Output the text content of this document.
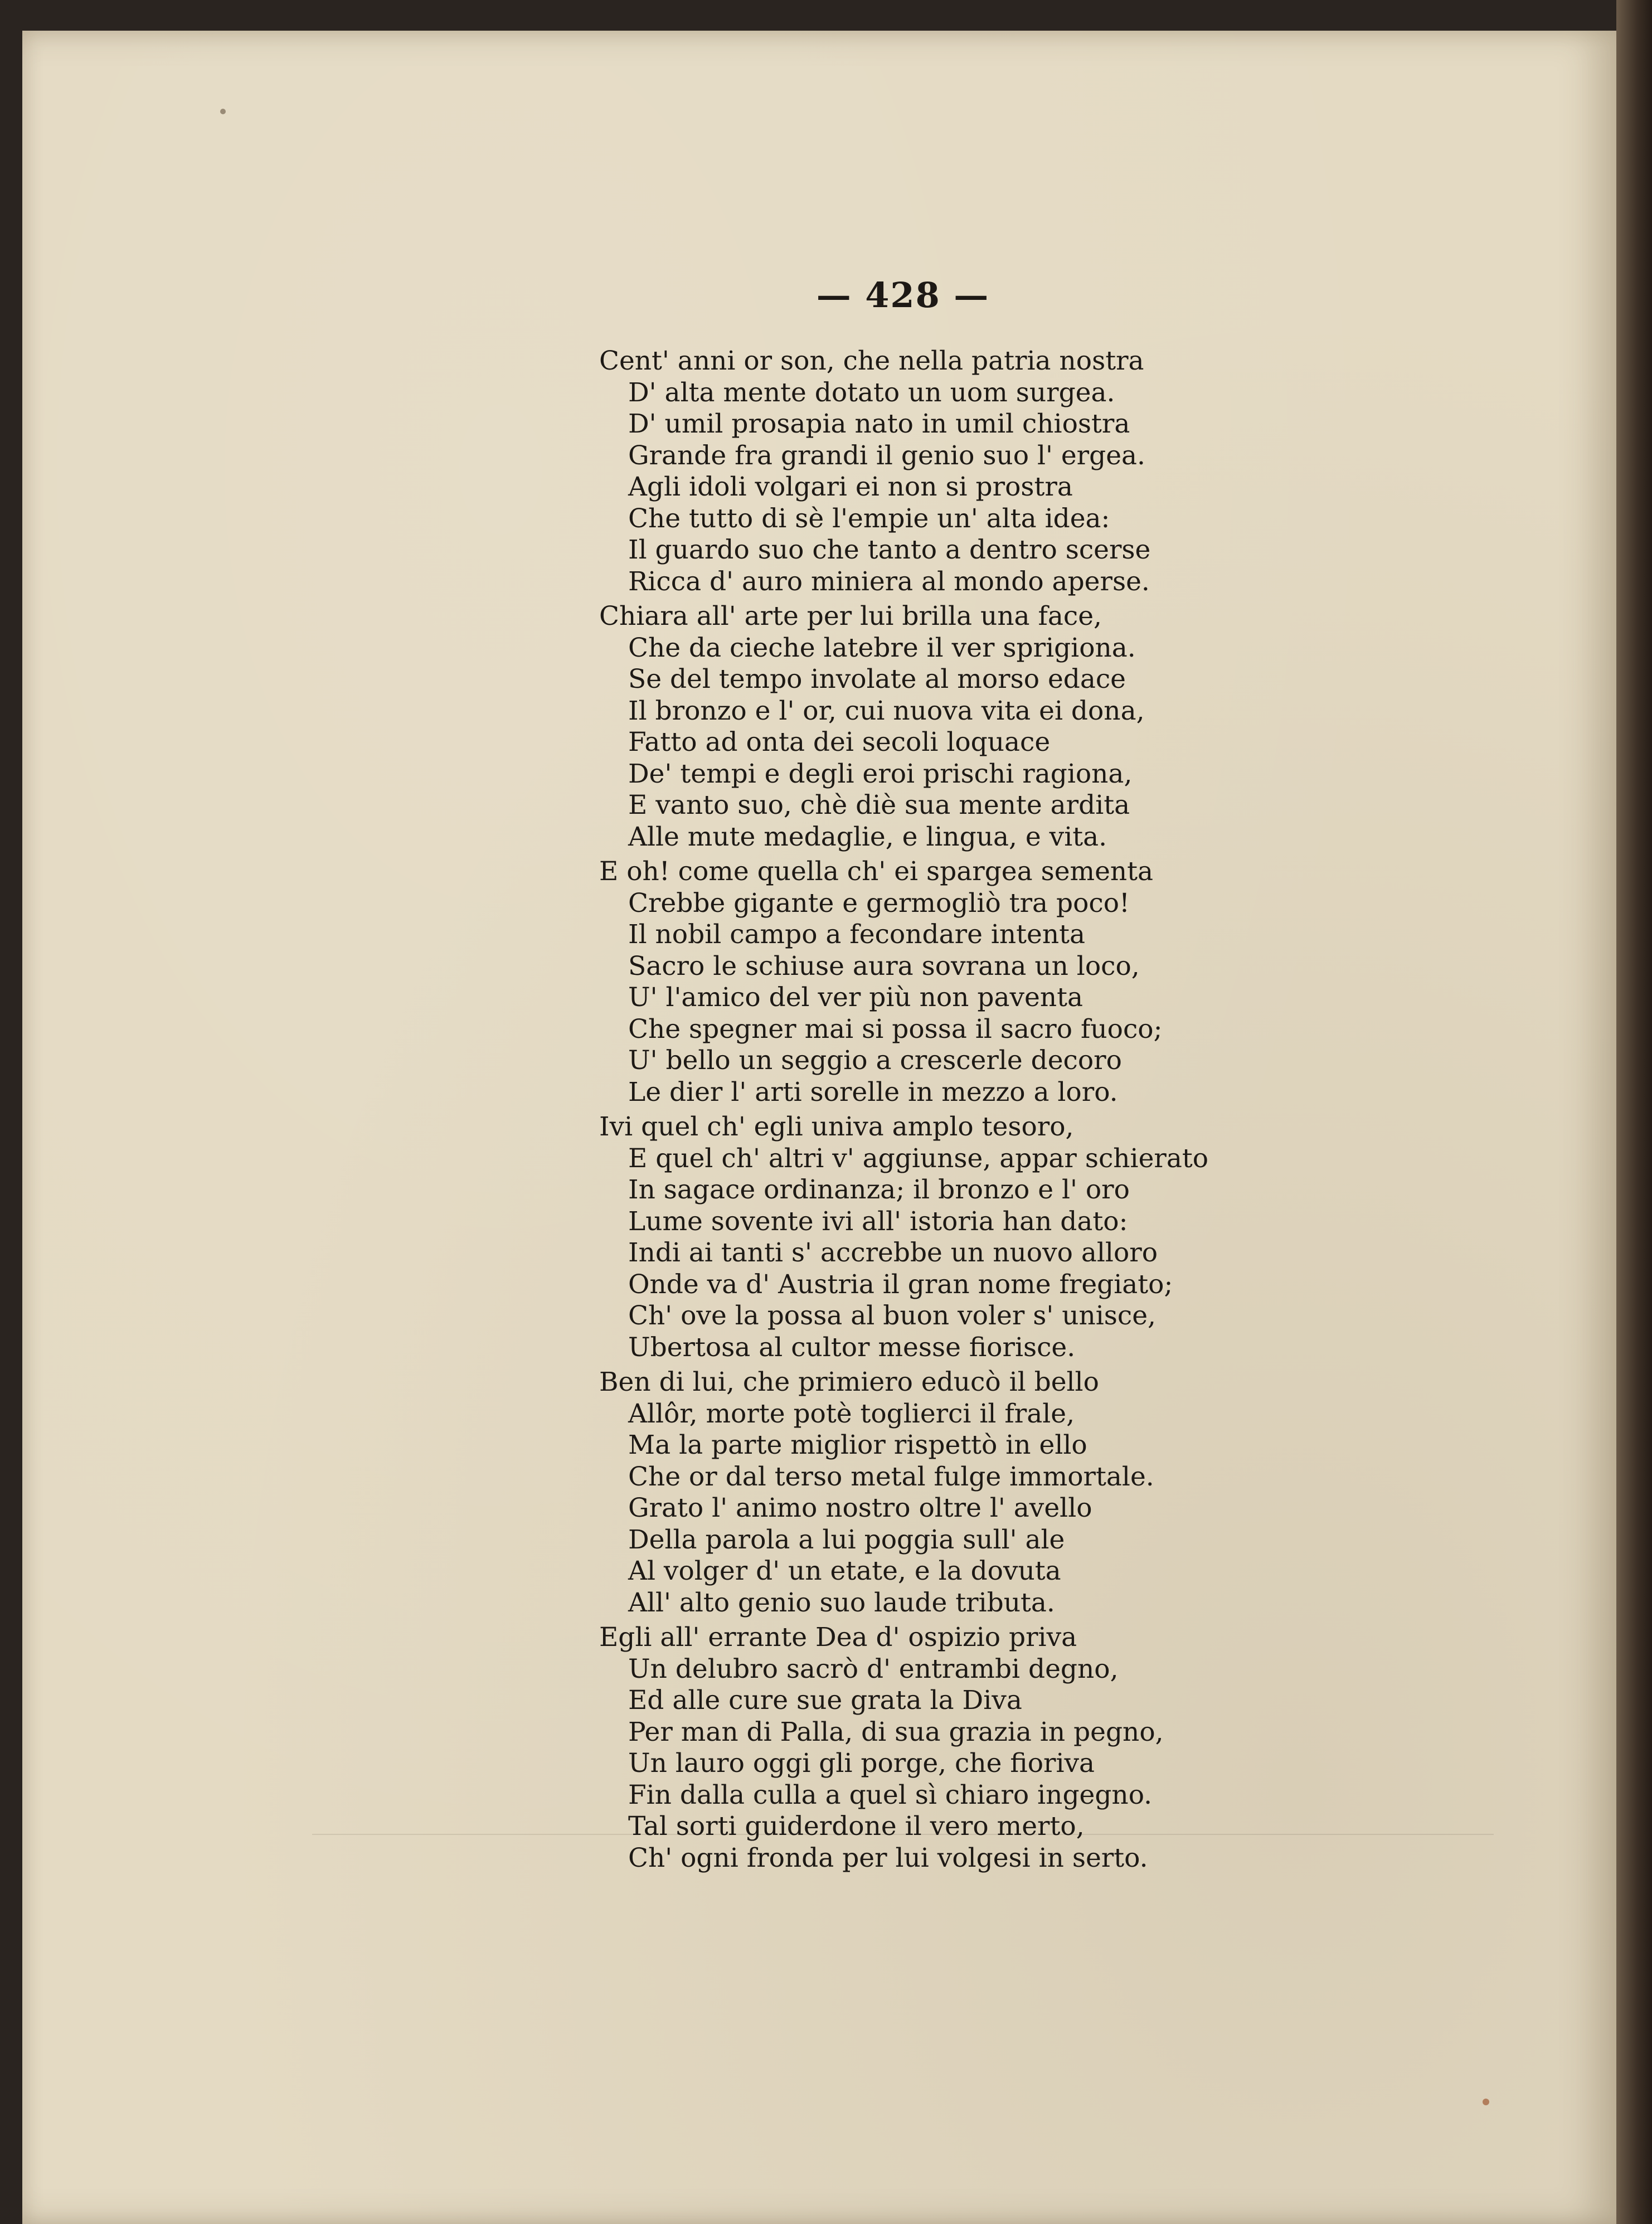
— 428 —
Cent' anni or son, che nella patria nostra
D' alta mente dotato un uom surgea.
D' umil prosapia nato in umil chiostra
Grande fra grandi il genio suo l' ergea.
Agli idoli volgari ei non si prostra
Che tutto di sè l'empie un' alta idea:
Il guardo suo che tanto a dentro scerse
Ricca d' auro miniera al mondo aperse.
Chiara all' arte per lui brilla una face,
Che da cieche latebre il ver sprigiona.
Se del tempo involate al morso edace
Il bronzo e l' or, cui nuova vita ei dona,
Fatto ad onta dei secoli loquace
De' tempi e degli eroi prischi ragiona,
E vanto suo, chè diè sua mente ardita
Alle mute medaglie, e lingua, e vita.
E oh! come quella ch' ei spargea sementa
Crebbe gigante e germogliò tra poco!
Il nobil campo a fecondare intenta
Sacro le schiuse aura sovrana un loco,
U' l'amico del ver più non paventa
Che spegner mai si possa il sacro fuoco;
U' bello un seggio a crescerle decoro
Le dier l' arti sorelle in mezzo a loro.
Ivi quel ch' egli univa amplo tesoro,
E quel ch' altri v' aggiunse, appar schierato
In sagace ordinanza; il bronzo e l' oro
Lume sovente ivi all' istoria han dato:
Indi ai tanti s' accrebbe un nuovo alloro
Onde va d' Austria il gran nome fregiato;
Ch' ove la possa al buon voler s' unisce,
Ubertosa al cultor messe fiorisce.
Ben di lui, che primiero educò il bello
Allôr, morte potè toglierci il frale,
Ma la parte miglior rispettò in ello
Che or dal terso metal fulge immortale.
Grato l' animo nostro oltre l' avello
Della parola a lui poggia sull' ale
Al volger d' un etate, e la dovuta
All' alto genio suo laude tributa.
Egli all' errante Dea d' ospizio priva
Un delubro sacrò d' entrambi degno,
Ed alle cure sue grata la Diva
Per man di Palla, di sua grazia in pegno,
Un lauro oggi gli porge, che fioriva
Fin dalla culla a quel sì chiaro ingegno.
Tal sorti guiderdone il vero merto,
Ch' ogni fronda per lui volgesi in serto.
